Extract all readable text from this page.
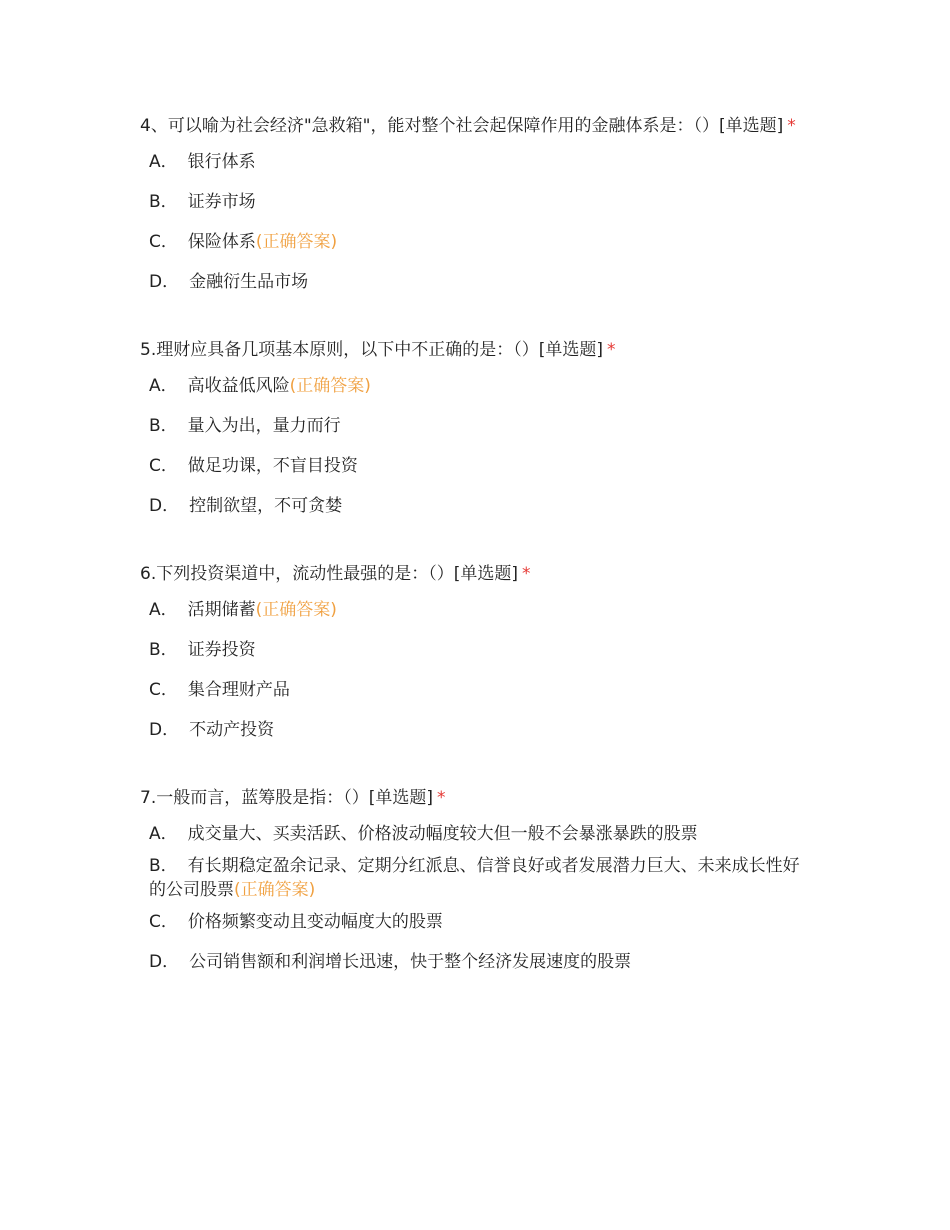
4、可以喻为社会经济"急救箱"，能对整个社会起保障作用的金融体系是：（）[单选题] *
A． 银行体系
B． 证券市场
C． 保险体系(正确答案)
D． 金融衍生品市场
5.理财应具备几项基本原则，以下中不正确的是：（）[单选题] *
A． 高收益低风险(正确答案)
B． 量入为出，量力而行
C． 做足功课，不盲目投资
D． 控制欲望，不可贪婪
6.下列投资渠道中，流动性最强的是：（）[单选题] *
A． 活期储蓄(正确答案)
B． 证券投资
C． 集合理财产品
D． 不动产投资
7.一般而言，蓝筹股是指：（）[单选题] *
A． 成交量大、买卖活跃、价格波动幅度较大但一般不会暴涨暴跌的股票
B． 有长期稳定盈余记录、定期分红派息、信誉良好或者发展潜力巨大、未来成长性好的公司股票(正确答案)
C． 价格频繁变动且变动幅度大的股票
D． 公司销售额和利润增长迅速，快于整个经济发展速度的股票
